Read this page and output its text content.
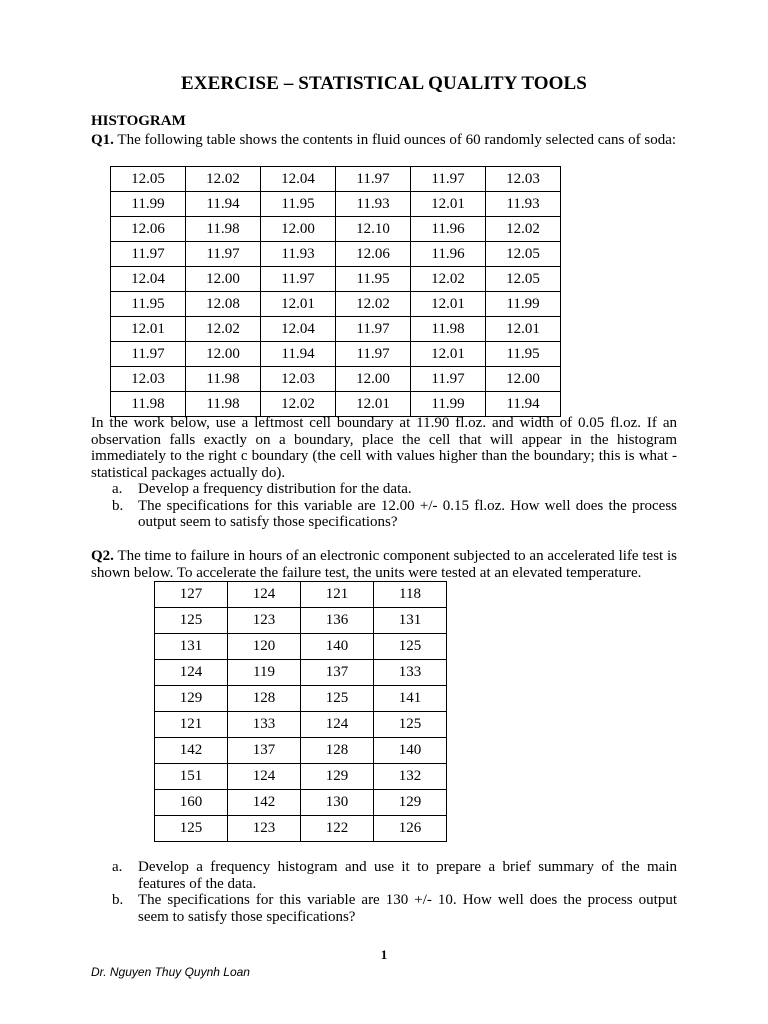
EXERCISE – STATISTICAL QUALITY TOOLS
HISTOGRAM
Q1. The following table shows the contents in fluid ounces of 60 randomly selected cans of soda:
12.05	12.02	12.04	11.97	11.97	12.03
11.99	11.94	11.95	11.93	12.01	11.93
12.06	11.98	12.00	12.10	11.96	12.02
11.97	11.97	11.93	12.06	11.96	12.05
12.04	12.00	11.97	11.95	12.02	12.05
11.95	12.08	12.01	12.02	12.01	11.99
12.01	12.02	12.04	11.97	11.98	12.01
11.97	12.00	11.94	11.97	12.01	11.95
12.03	11.98	12.03	12.00	11.97	12.00
11.98	11.98	12.02	12.01	11.99	11.94
In the work below, use a leftmost cell boundary at 11.90 fl.oz. and width of 0.05 fl.oz. If an observation falls exactly on a boundary, place the cell that will appear in the histogram immediately to the right c boundary (the cell with values higher than the boundary; this is what - statistical packages actually do).
a. Develop a frequency distribution for the data.
b. The specifications for this variable are 12.00 +/- 0.15 fl.oz. How well does the process output seem to satisfy those specifications?
Q2. The time to failure in hours of an electronic component subjected to an accelerated life test is shown below. To accelerate the failure test, the units were tested at an elevated temperature.
127	124	121	118
125	123	136	131
131	120	140	125
124	119	137	133
129	128	125	141
121	133	124	125
142	137	128	140
151	124	129	132
160	142	130	129
125	123	122	126
a. Develop a frequency histogram and use it to prepare a brief summary of the main features of the data.
b. The specifications for this variable are 130 +/- 10. How well does the process output seem to satisfy those specifications?
1
Dr. Nguyen Thuy Quynh Loan
